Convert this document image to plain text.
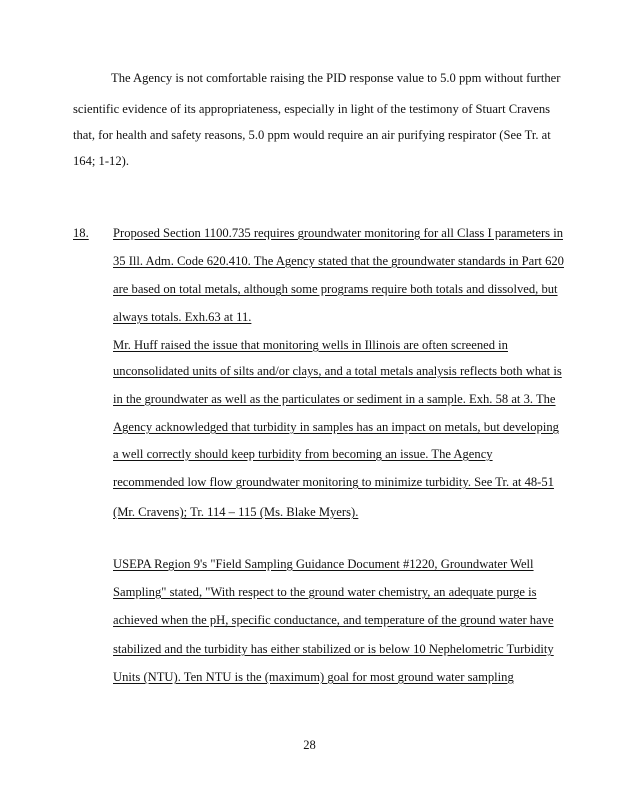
The Agency is not comfortable raising the PID response value to 5.0 ppm without further
scientific evidence of its appropriateness, especially in light of the testimony of Stuart Cravens
that, for health and safety reasons, 5.0 ppm would require an air purifying respirator (See Tr. at
164; 1-12).
18. Proposed Section 1100.735 requires groundwater monitoring for all Class I parameters in
35 Ill. Adm. Code 620.410. The Agency stated that the groundwater standards in Part 620
are based on total metals, although some programs require both totals and dissolved, but
always totals. Exh.63 at 11.
Mr. Huff raised the issue that monitoring wells in Illinois are often screened in
unconsolidated units of silts and/or clays, and a total metals analysis reflects both what is
in the groundwater as well as the particulates or sediment in a sample. Exh. 58 at 3. The
Agency acknowledged that turbidity in samples has an impact on metals, but developing
a well correctly should keep turbidity from becoming an issue. The Agency
recommended low flow groundwater monitoring to minimize turbidity. See Tr. at 48-51
(Mr. Cravens); Tr. 114 – 115 (Ms. Blake Myers).
USEPA Region 9's "Field Sampling Guidance Document #1220, Groundwater Well
Sampling" stated, "With respect to the ground water chemistry, an adequate purge is
achieved when the pH, specific conductance, and temperature of the ground water have
stabilized and the turbidity has either stabilized or is below 10 Nephelometric Turbidity
Units (NTU). Ten NTU is the (maximum) goal for most ground water sampling
28
